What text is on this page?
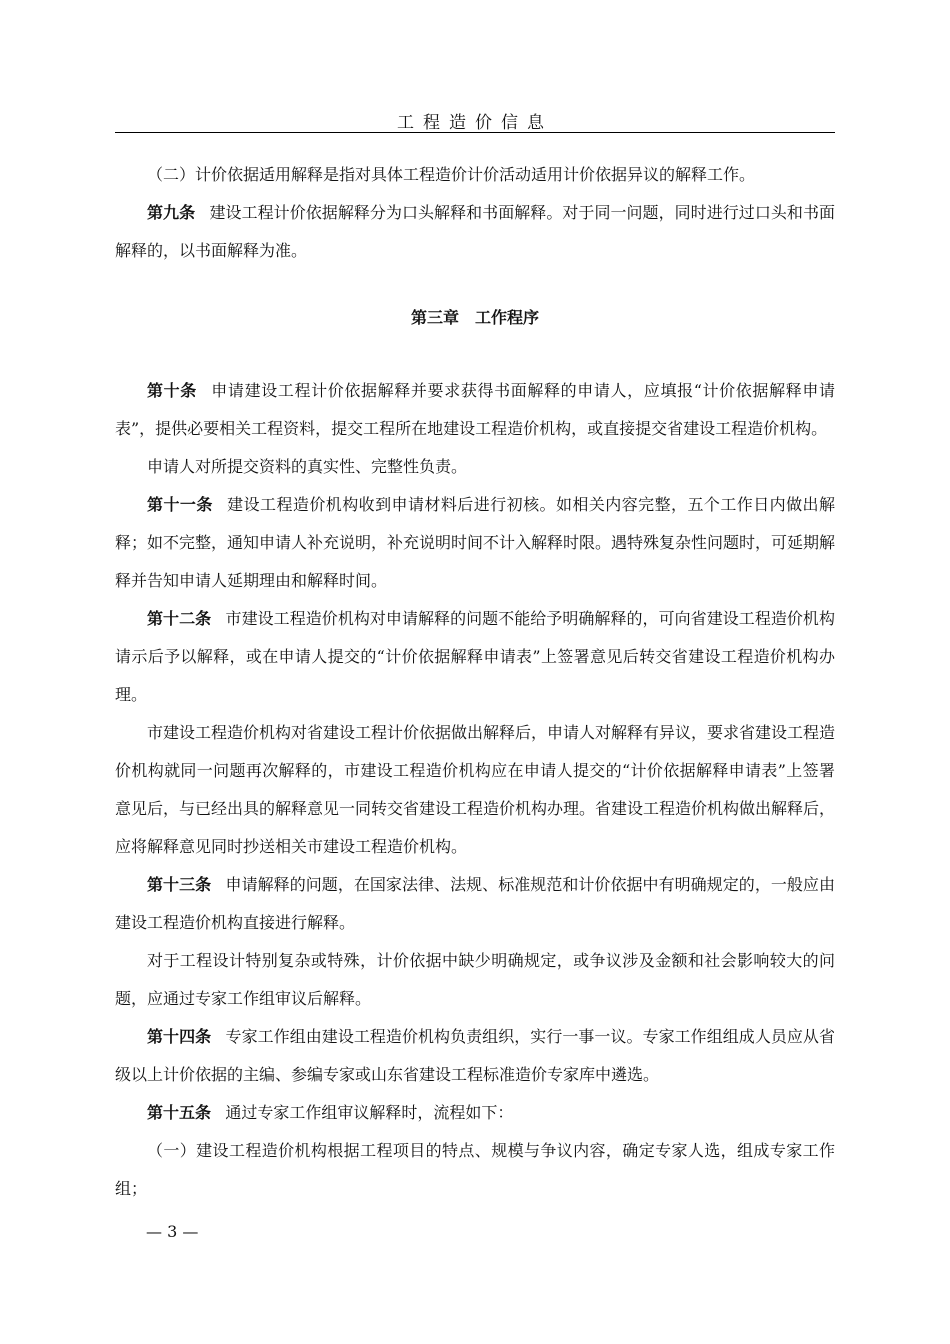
工程造价信息

（二）计价依据适用解释是指对具体工程造价计价活动适用计价依据异议的解释工作。

第九条 建设工程计价依据解释分为口头解释和书面解释。对于同一问题，同时进行过口头和书面解释的，以书面解释为准。

第三章 工作程序

第十条 申请建设工程计价依据解释并要求获得书面解释的申请人，应填报“计价依据解释申请表”，提供必要相关工程资料，提交工程所在地建设工程造价机构，或直接提交省建设工程造价机构。

申请人对所提交资料的真实性、完整性负责。

第十一条 建设工程造价机构收到申请材料后进行初核。如相关内容完整，五个工作日内做出解释；如不完整，通知申请人补充说明，补充说明时间不计入解释时限。遇特殊复杂性问题时，可延期解释并告知申请人延期理由和解释时间。

第十二条 市建设工程造价机构对申请解释的问题不能给予明确解释的，可向省建设工程造价机构请示后予以解释，或在申请人提交的“计价依据解释申请表”上签署意见后转交省建设工程造价机构办理。

市建设工程造价机构对省建设工程计价依据做出解释后，申请人对解释有异议，要求省建设工程造价机构就同一问题再次解释的，市建设工程造价机构应在申请人提交的“计价依据解释申请表”上签署意见后，与已经出具的解释意见一同转交省建设工程造价机构办理。省建设工程造价机构做出解释后，应将解释意见同时抄送相关市建设工程造价机构。

第十三条 申请解释的问题，在国家法律、法规、标准规范和计价依据中有明确规定的，一般应由建设工程造价机构直接进行解释。

对于工程设计特别复杂或特殊，计价依据中缺少明确规定，或争议涉及金额和社会影响较大的问题，应通过专家工作组审议后解释。

第十四条 专家工作组由建设工程造价机构负责组织，实行一事一议。专家工作组组成人员应从省级以上计价依据的主编、参编专家或山东省建设工程标准造价专家库中遴选。

第十五条 通过专家工作组审议解释时，流程如下：

（一）建设工程造价机构根据工程项目的特点、规模与争议内容，确定专家人选，组成专家工作组；

— 3 —
